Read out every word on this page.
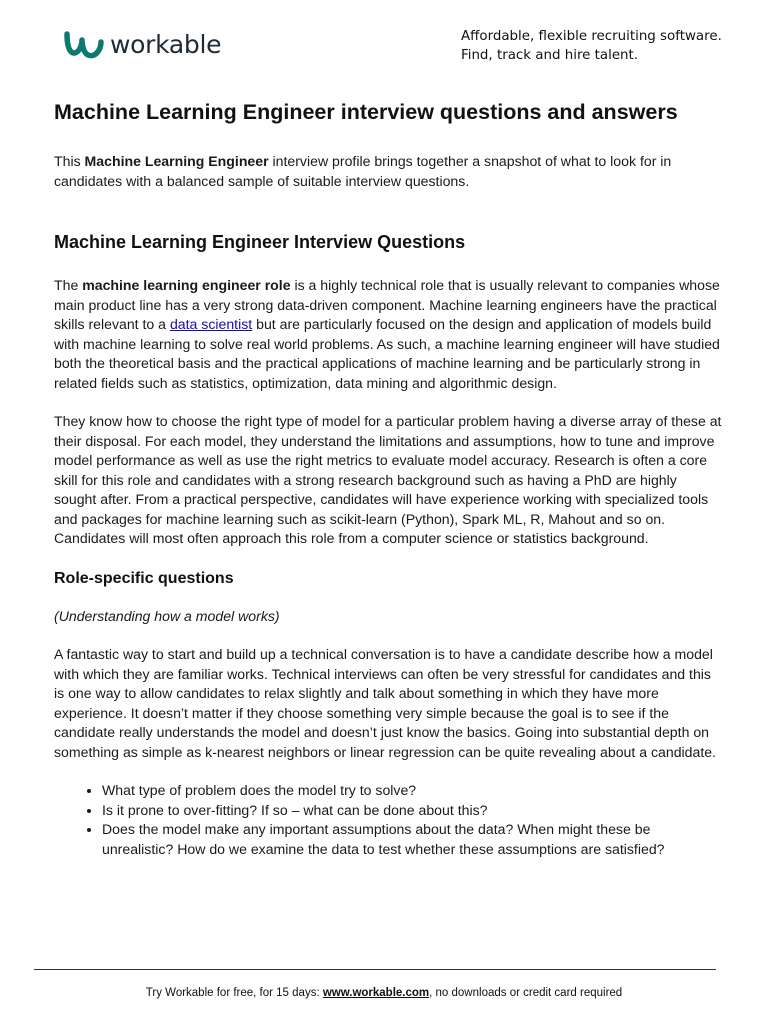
workable	Affordable, flexible recruiting software.
Find, track and hire talent.
Machine Learning Engineer interview questions and answers

This Machine Learning Engineer interview profile brings together a snapshot of what to look for in candidates with a balanced sample of suitable interview questions.

Machine Learning Engineer Interview Questions

The machine learning engineer role is a highly technical role that is usually relevant to companies whose main product line has a very strong data-driven component. Machine learning engineers have the practical skills relevant to a data scientist but are particularly focused on the design and application of models build with machine learning to solve real world problems. As such, a machine learning engineer will have studied both the theoretical basis and the practical applications of machine learning and be particularly strong in related fields such as statistics, optimization, data mining and algorithmic design.

They know how to choose the right type of model for a particular problem having a diverse array of these at their disposal. For each model, they understand the limitations and assumptions, how to tune and improve model performance as well as use the right metrics to evaluate model accuracy. Research is often a core skill for this role and candidates with a strong research background such as having a PhD are highly sought after. From a practical perspective, candidates will have experience working with specialized tools and packages for machine learning such as scikit-learn (Python), Spark ML, R, Mahout and so on. Candidates will most often approach this role from a computer science or statistics background.

Role-specific questions

(Understanding how a model works)

A fantastic way to start and build up a technical conversation is to have a candidate describe how a model with which they are familiar works. Technical interviews can often be very stressful for candidates and this is one way to allow candidates to relax slightly and talk about something in which they have more experience. It doesn’t matter if they choose something very simple because the goal is to see if the candidate really understands the model and doesn’t just know the basics. Going into substantial depth on something as simple as k-nearest neighbors or linear regression can be quite revealing about a candidate.

• What type of problem does the model try to solve?
• Is it prone to over-fitting? If so – what can be done about this?
• Does the model make any important assumptions about the data? When might these be unrealistic? How do we examine the data to test whether these assumptions are satisfied?
Try Workable for free, for 15 days: www.workable.com, no downloads or credit card required
